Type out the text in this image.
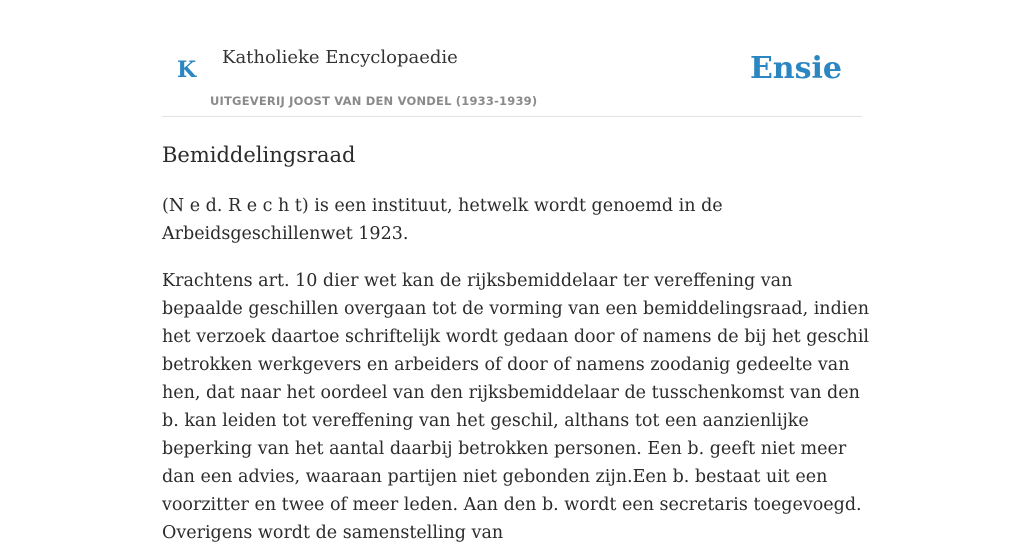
K Katholieke Encyclopaedie
UITGEVERIJ JOOST VAN DEN VONDEL (1933-1939)
Ensie
Bemiddelingsraad

(N e d. R e c h t) is een instituut, hetwelk wordt genoemd in de Arbeidsgeschillenwet 1923.

Krachtens art. 10 dier wet kan de rijksbemiddelaar ter vereffening van bepaalde geschillen overgaan tot de vorming van een bemiddelingsraad, indien het verzoek daartoe schriftelijk wordt gedaan door of namens de bij het geschil betrokken werkgevers en arbeiders of door of namens zoodanig gedeelte van hen, dat naar het oordeel van den rijksbemiddelaar de tusschenkomst van den b. kan leiden tot vereffening van het geschil, althans tot een aanzienlijke beperking van het aantal daarbij betrokken personen. Een b. geeft niet meer dan een advies, waaraan partijen niet gebonden zijn.Een b. bestaat uit een voorzitter en twee of meer leden. Aan den b. wordt een secretaris toegevoegd. Overigens wordt de samenstelling van
